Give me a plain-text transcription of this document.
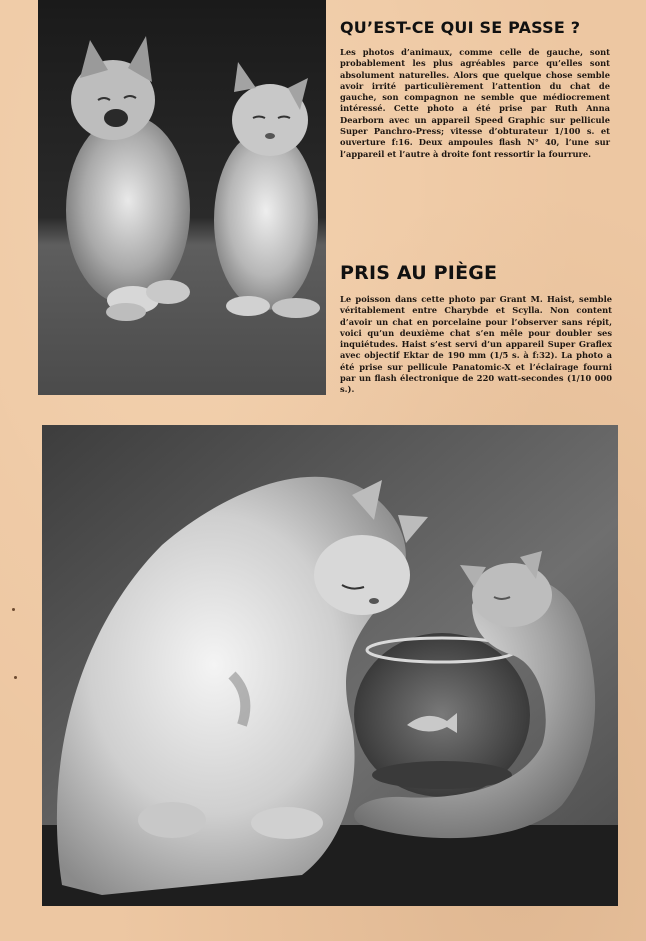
QU’EST-CE QUI SE PASSE ?

Les photos d’animaux, comme celle de gauche, sont probablement les plus agréables parce qu’elles sont absolument naturelles. Alors que quelque chose semble avoir irrité particulièrement l’attention du chat de gauche, son compagnon ne semble que médiocrement intéressé. Cette photo a été prise par Ruth Anna Dearborn avec un appareil Speed Graphic sur pellicule Super Panchro-Press; vitesse d’obturateur 1/100 s. et ouverture f:16. Deux ampoules flash N° 40, l’une sur l’appareil et l’autre à droite font ressortir la fourrure.

PRIS AU PIÈGE

Le poisson dans cette photo par Grant M. Haist, semble véritablement entre Charybde et Scylla. Non content d’avoir un chat en porcelaine pour l’observer sans répit, voici qu’un deuxième chat s’en mêle pour doubler ses inquiétudes. Haist s’est servi d’un appareil Super Graflex avec objectif Ektar de 190 mm (1/5 s. à f:32). La photo a été prise sur pellicule Panatomic-X et l’éclairage fourni par un flash électronique de 220 watt-secondes (1/10 000 s.).
